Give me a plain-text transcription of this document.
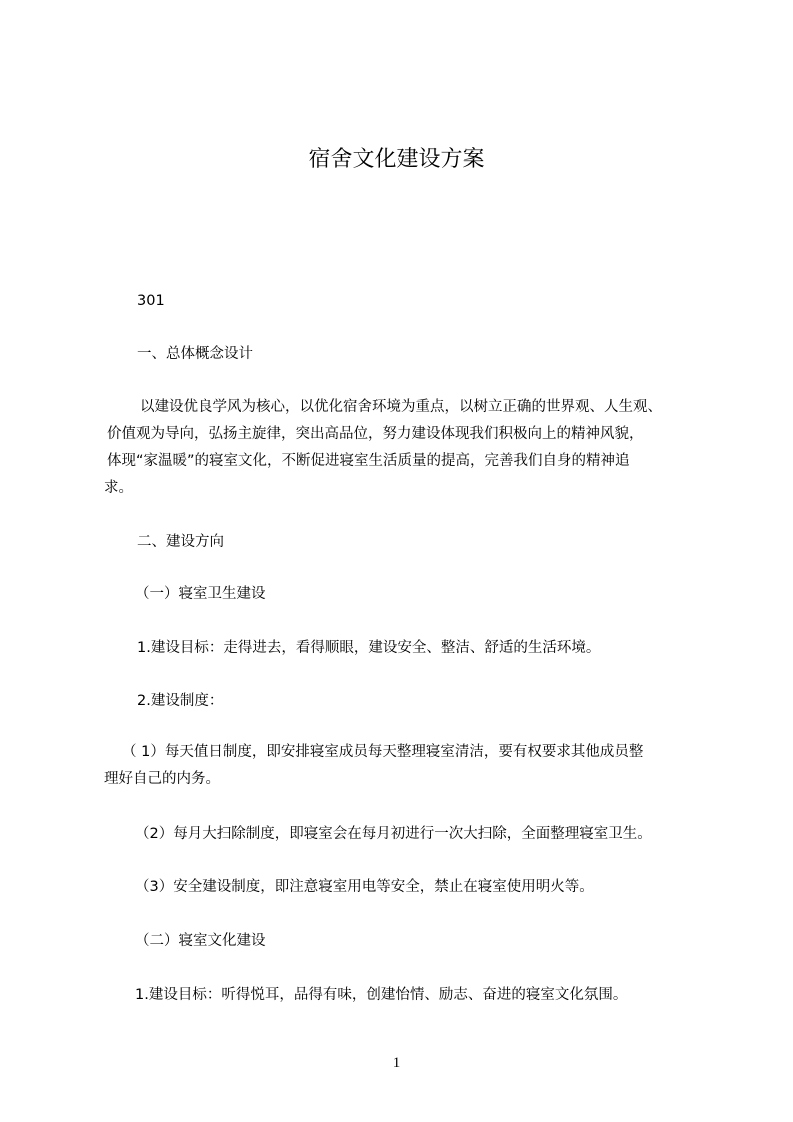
宿舍文化建设方案
301
一、总体概念设计
以建设优良学风为核心，以优化宿舍环境为重点，以树立正确的世界观、人生观、
价值观为导向，弘扬主旋律，突出高品位，努力建设体现我们积极向上的精神风貌，
体现“家温暖”的寝室文化，不断促进寝室生活质量的提高，完善我们自身的精神追
求。
二、建设方向
（一）寝室卫生建设
1.建设目标：走得进去，看得顺眼，建设安全、整洁、舒适的生活环境。
2.建设制度：
（ 1）每天值日制度，即安排寝室成员每天整理寝室清洁，要有权要求其他成员整
理好自己的内务。
（2）每月大扫除制度，即寝室会在每月初进行一次大扫除，全面整理寝室卫生。
（3）安全建设制度，即注意寝室用电等安全，禁止在寝室使用明火等。
（二）寝室文化建设
1.建设目标：听得悦耳，品得有味，创建怡情、励志、奋进的寝室文化氛围。
1
